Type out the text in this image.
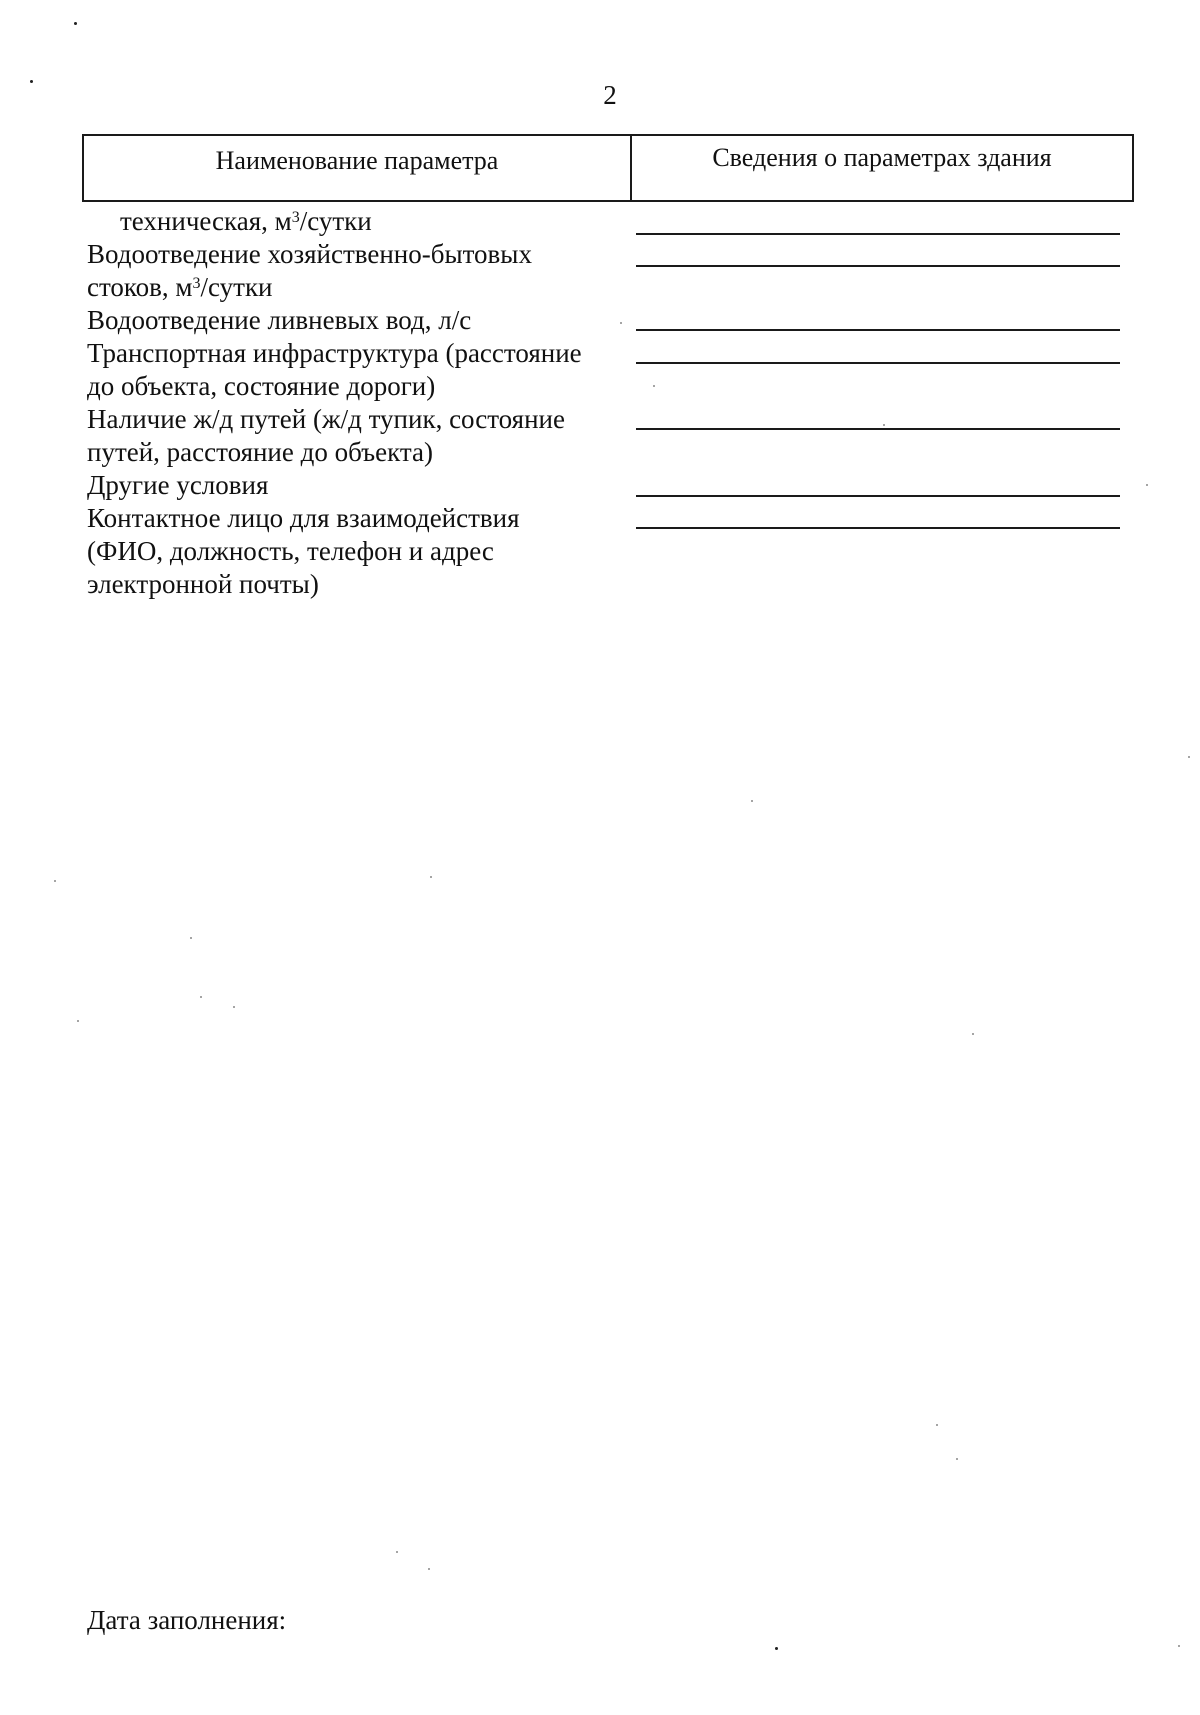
2
Наименование параметра	Сведения о параметрах здания
техническая, $м^3$/сутки
Водоотведение хозяйственно-бытовых
стоков, $м^3$/сутки
Водоотведение ливневых вод, л/с
Транспортная инфраструктура (расстояние
до объекта, состояние дороги)
Наличие ж/д путей (ж/д тупик, состояние
путей, расстояние до объекта)
Другие условия
Контактное лицо для взаимодействия
(ФИО, должность, телефон и адрес
электронной почты)
Дата заполнения:
